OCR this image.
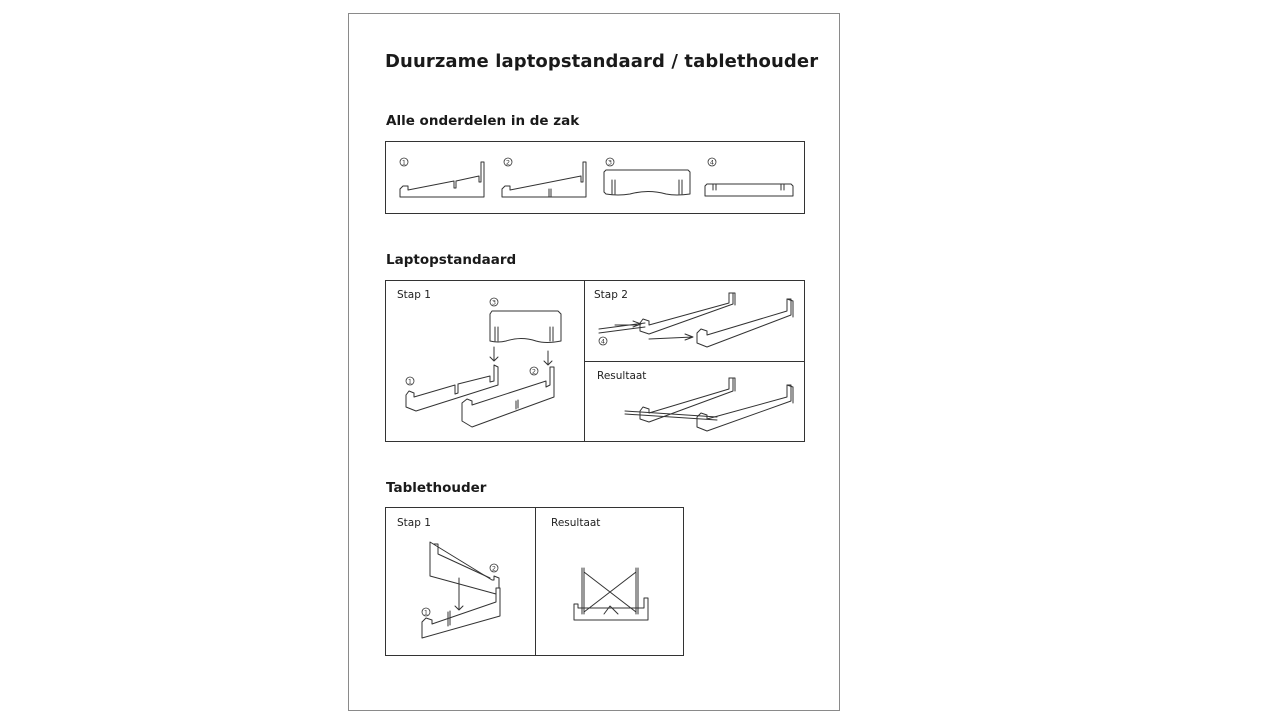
Duurzame laptopstandaard / tablethouder
Alle onderdelen in de zak
1	2	3	4
Laptopstandaard
Stap 1	Stap 2
Resultaat
3
1
2
4
Tablethouder
Stap 1	Resultaat
2
1
